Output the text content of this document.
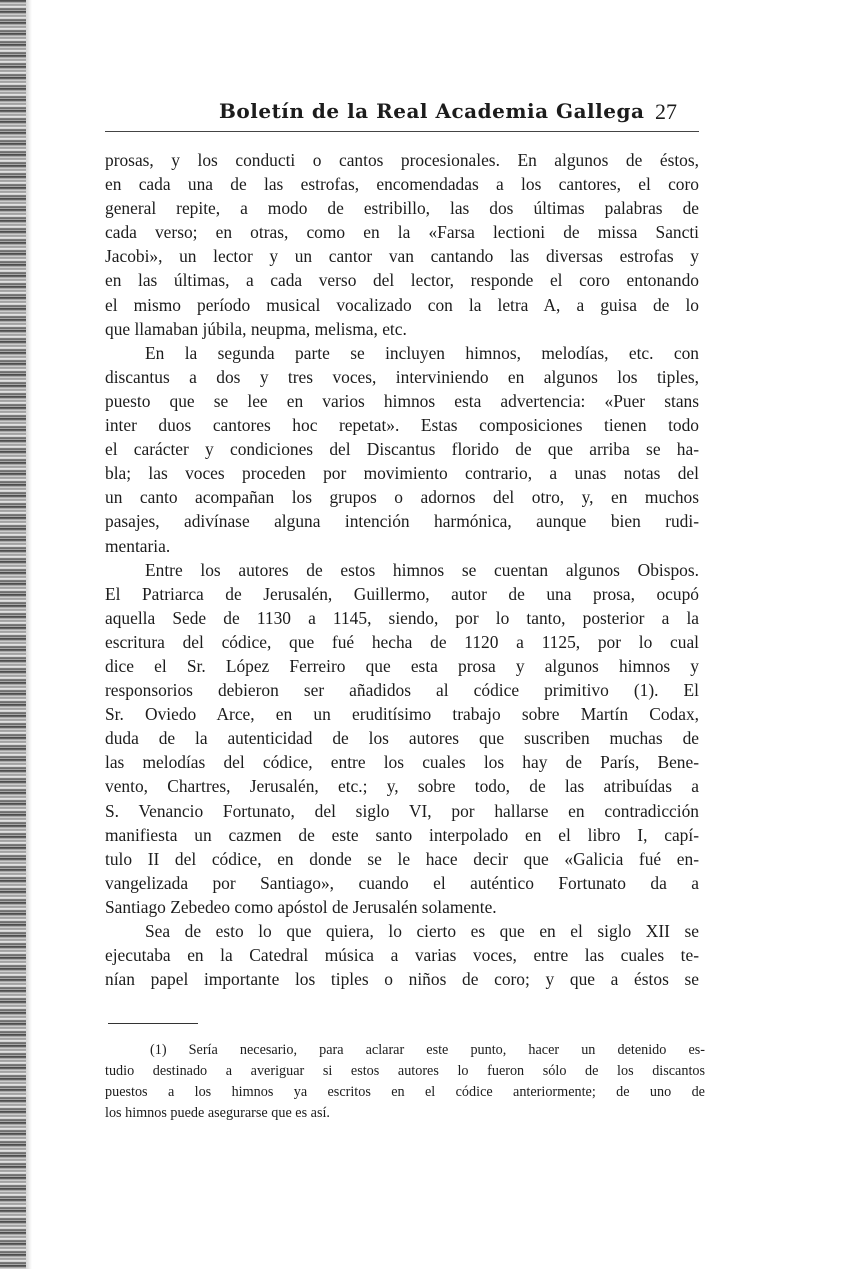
Boletín de la Real Academia Gallega 27
prosas, y los conducti o cantos procesionales. En algunos de éstos,
en cada una de las estrofas, encomendadas a los cantores, el coro
general repite, a modo de estribillo, las dos últimas palabras de
cada verso; en otras, como en la «Farsa lectioni de missa Sancti
Jacobi», un lector y un cantor van cantando las diversas estrofas y
en las últimas, a cada verso del lector, responde el coro entonando
el mismo período musical vocalizado con la letra A, a guisa de lo
que llamaban júbila, neupma, melisma, etc.
En la segunda parte se incluyen himnos, melodías, etc. con
discantus a dos y tres voces, interviniendo en algunos los tiples,
puesto que se lee en varios himnos esta advertencia: «Puer stans
inter duos cantores hoc repetat». Estas composiciones tienen todo
el carácter y condiciones del Discantus florido de que arriba se ha-
bla; las voces proceden por movimiento contrario, a unas notas del
un canto acompañan los grupos o adornos del otro, y, en muchos
pasajes, adivínase alguna intención harmónica, aunque bien rudi-
mentaria.
Entre los autores de estos himnos se cuentan algunos Obispos.
El Patriarca de Jerusalén, Guillermo, autor de una prosa, ocupó
aquella Sede de 1130 a 1145, siendo, por lo tanto, posterior a la
escritura del códice, que fué hecha de 1120 a 1125, por lo cual
dice el Sr. López Ferreiro que esta prosa y algunos himnos y
responsorios debieron ser añadidos al códice primitivo (1). El
Sr. Oviedo Arce, en un eruditísimo trabajo sobre Martín Codax,
duda de la autenticidad de los autores que suscriben muchas de
las melodías del códice, entre los cuales los hay de París, Bene-
vento, Chartres, Jerusalén, etc.; y, sobre todo, de las atribuídas a
S. Venancio Fortunato, del siglo VI, por hallarse en contradicción
manifiesta un cazmen de este santo interpolado en el libro I, capí-
tulo II del códice, en donde se le hace decir que «Galicia fué en-
vangelizada por Santiago», cuando el auténtico Fortunato da a
Santiago Zebedeo como apóstol de Jerusalén solamente.
Sea de esto lo que quiera, lo cierto es que en el siglo XII se
ejecutaba en la Catedral música a varias voces, entre las cuales te-
nían papel importante los tiples o niños de coro; y que a éstos se
(1) Sería necesario, para aclarar este punto, hacer un detenido es-
tudio destinado a averiguar si estos autores lo fueron sólo de los discantos
puestos a los himnos ya escritos en el códice anteriormente; de uno de
los himnos puede asegurarse que es así.
